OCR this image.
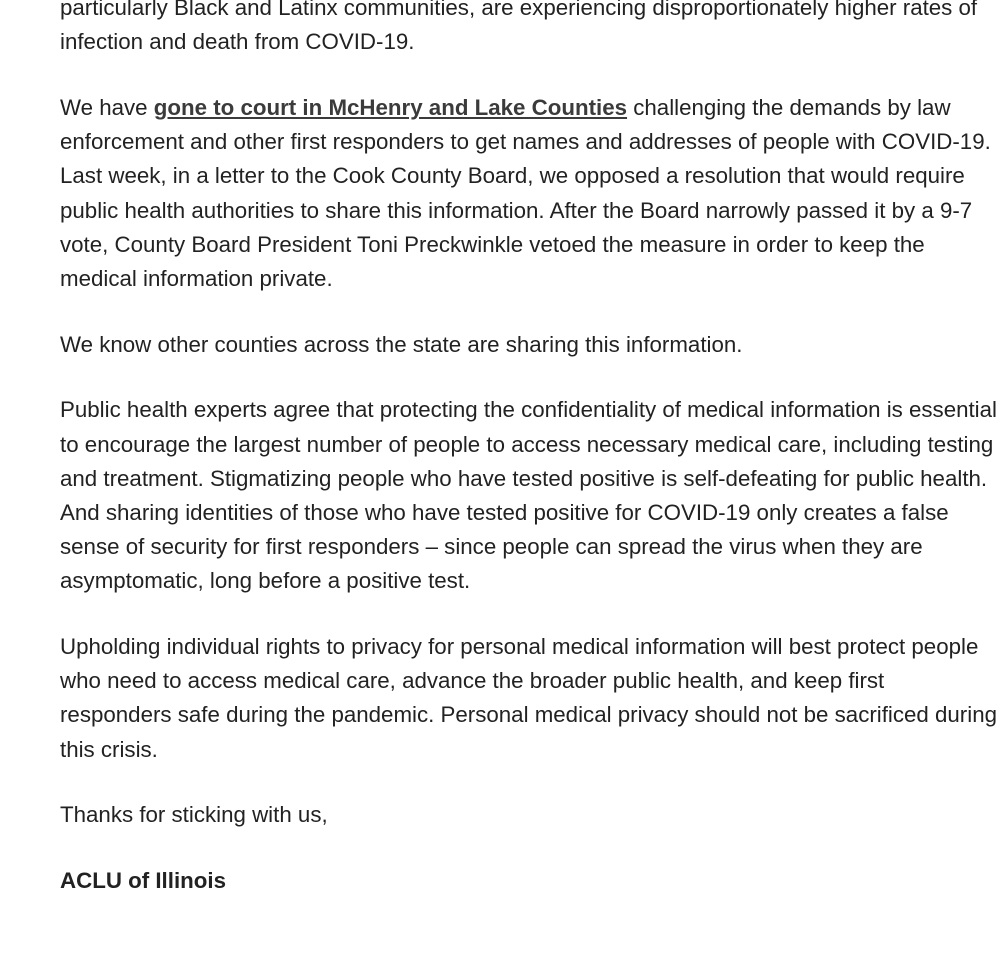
particularly Black and Latinx communities, are experiencing disproportionately higher rates of infection and death from COVID-19.

We have gone to court in McHenry and Lake Counties challenging the demands by law enforcement and other first responders to get names and addresses of people with COVID-19. Last week, in a letter to the Cook County Board, we opposed a resolution that would require public health authorities to share this information. After the Board narrowly passed it by a 9-7 vote, County Board President Toni Preckwinkle vetoed the measure in order to keep the medical information private.

We know other counties across the state are sharing this information.

Public health experts agree that protecting the confidentiality of medical information is essential to encourage the largest number of people to access necessary medical care, including testing and treatment. Stigmatizing people who have tested positive is self-defeating for public health. And sharing identities of those who have tested positive for COVID-19 only creates a false sense of security for first responders – since people can spread the virus when they are asymptomatic, long before a positive test.

Upholding individual rights to privacy for personal medical information will best protect people who need to access medical care, advance the broader public health, and keep first responders safe during the pandemic. Personal medical privacy should not be sacrificed during this crisis.

Thanks for sticking with us,

ACLU of Illinois
